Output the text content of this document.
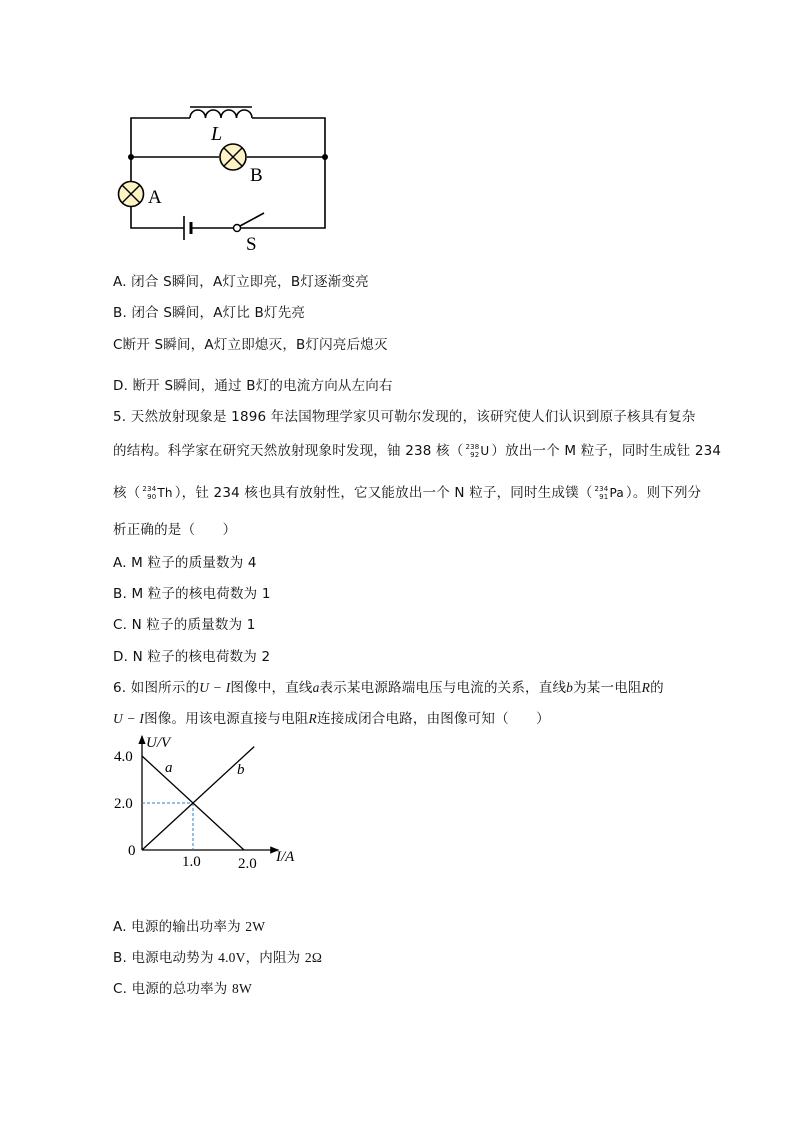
L
B
A
S
A. 闭合 S瞬间，A灯立即亮，B灯逐渐变亮
B. 闭合 S瞬间，A灯比 B灯先亮
C断开 S瞬间，A灯立即熄灭，B灯闪亮后熄灭
D. 断开 S瞬间，通过 B灯的电流方向从左向右
5. 天然放射现象是 1896 年法国物理学家贝可勒尔发现的，该研究使人们认识到原子核具有复杂
的结构。科学家在研究天然放射现象时发现，铀 238 核（ 238
92 U ）放出一个 M 粒子，同时生成钍 234
核（ 234
90 Th ），钍 234 核也具有放射性，它又能放出一个 N 粒子，同时生成镤（ 234
91 Pa ）。则下列分
析正确的是（　　）
A. M 粒子的质量数为 4
B. M 粒子的核电荷数为 1
C. N 粒子的质量数为 1
D. N 粒子的核电荷数为 2
6. 如图所示的U − I图像中，直线a表示某电源路端电压与电流的关系，直线b为某一电阻R的
U − I图像。用该电源直接与电阻R连接成闭合电路，由图像可知（　　）
4.0
2.0
0
1.0 2.0 I/A
U/V
a	b
A. 电源的输出功率为 2W
B. 电源电动势为 4.0V，内阻为 2Ω
C. 电源的总功率为 8W
